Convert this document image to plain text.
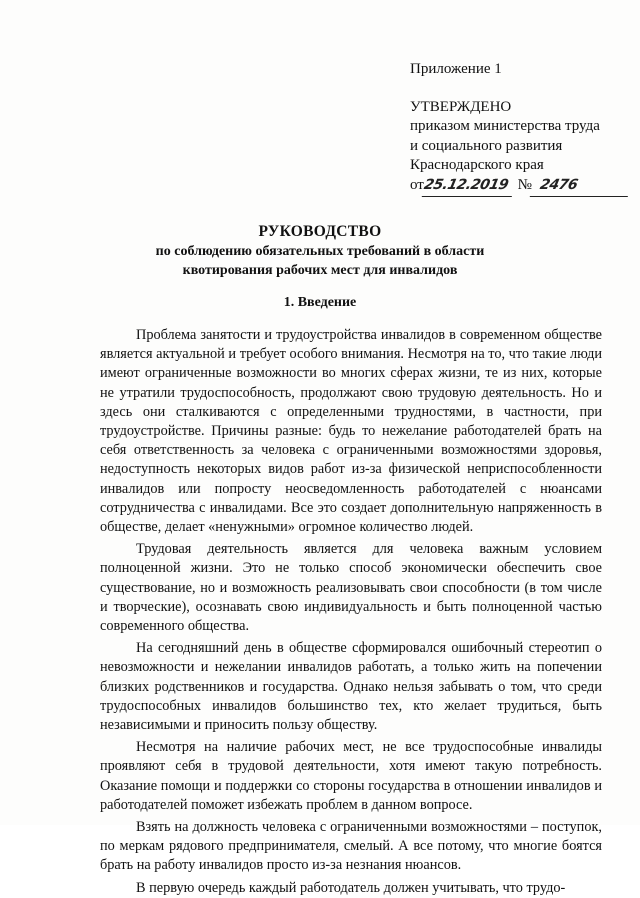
Приложение 1
УТВЕРЖДЕНО
приказом министерства труда
и социального развития
Краснодарского края
от25.12.2019 № 2476
РУКОВОДСТВО
по соблюдению обязательных требований в области
квотирования рабочих мест для инвалидов
1. Введение

Проблема занятости и трудоустройства инвалидов в современном обществе является актуальной и требует особого внимания. Несмотря на то, что такие люди имеют ограниченные возможности во многих сферах жизни, те из них, которые не утратили трудоспособность, продолжают свою трудовую деятельность. Но и здесь они сталкиваются с определенными трудностями, в частности, при трудоустройстве. Причины разные: будь то нежелание работодателей брать на себя ответственность за человека с ограниченными возможностями здоровья, недоступность некоторых видов работ из-за физической неприспособленности инвалидов или попросту неосведомленность работодателей с нюансами сотрудничества с инвалидами. Все это создает дополнительную напряженность в обществе, делает «ненужными» огромное количество людей.

Трудовая деятельность является для человека важным условием полноценной жизни. Это не только способ экономически обеспечить свое существование, но и возможность реализовывать свои способности (в том числе и творческие), осознавать свою индивидуальность и быть полноценной частью современного общества.

На сегодняшний день в обществе сформировался ошибочный стереотип о невозможности и нежелании инвалидов работать, а только жить на попечении близких родственников и государства. Однако нельзя забывать о том, что среди трудоспособных инвалидов большинство тех, кто желает трудиться, быть независимыми и приносить пользу обществу.

Несмотря на наличие рабочих мест, не все трудоспособные инвалиды проявляют себя в трудовой деятельности, хотя имеют такую потребность. Оказание помощи и поддержки со стороны государства в отношении инвалидов и работодателей поможет избежать проблем в данном вопросе.

Взять на должность человека с ограниченными возможностями – поступок, по меркам рядового предпринимателя, смелый. А все потому, что многие боятся брать на работу инвалидов просто из-за незнания нюансов.

В первую очередь каждый работодатель должен учитывать, что трудо-
